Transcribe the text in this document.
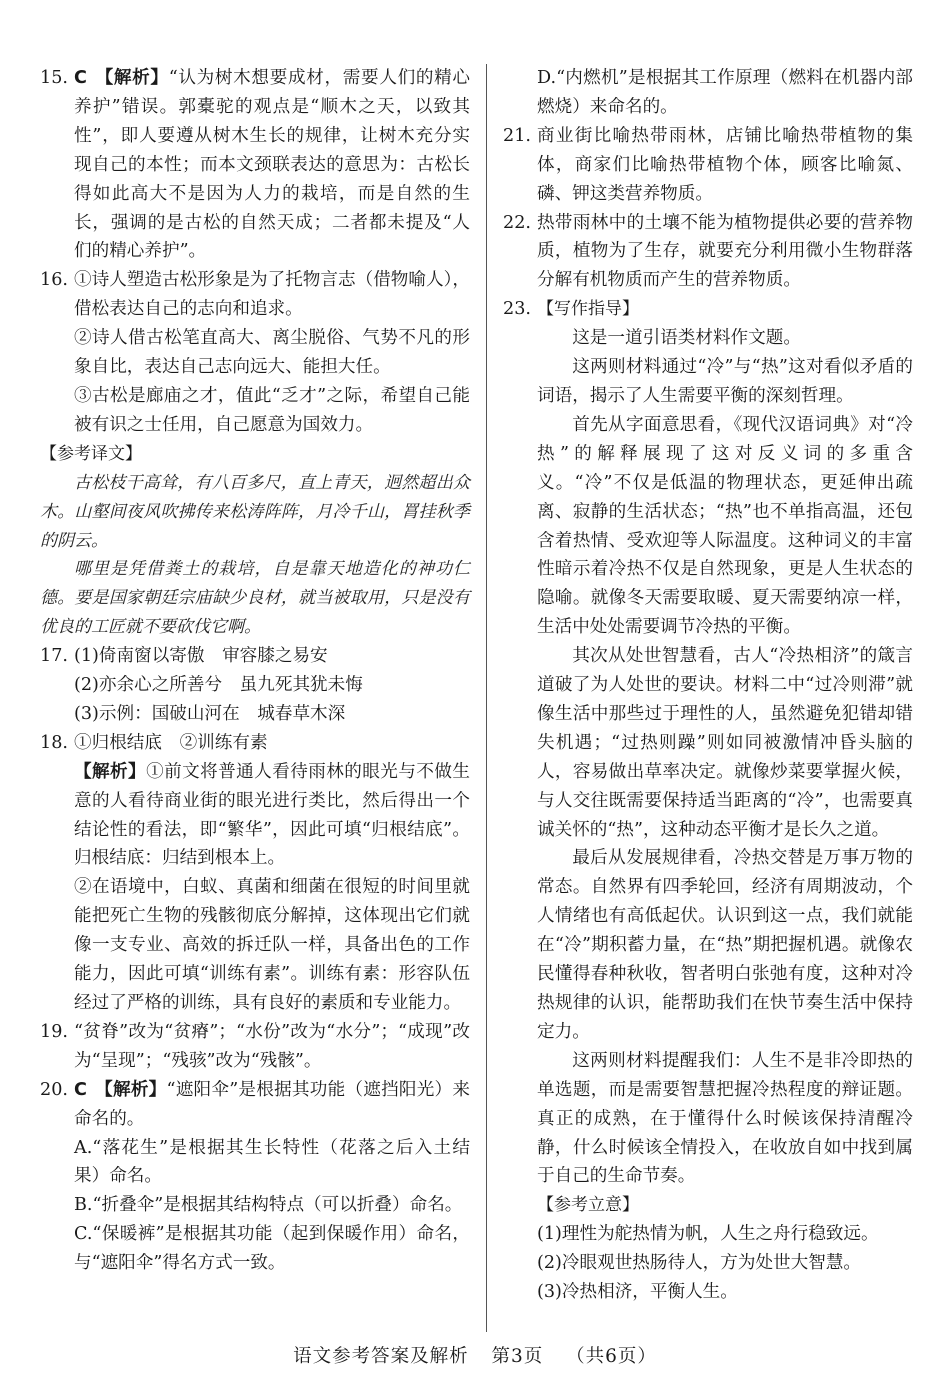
15. C 【解析】“认为树木想要成材，需要人们的精心养护”错误。郭橐驼的观点是“顺木之天，以致其性”，即人要遵从树木生长的规律，让树木充分实现自己的本性；而本文颈联表达的意思为：古松长得如此高大不是因为人力的栽培，而是自然的生长，强调的是古松的自然天成；二者都未提及“人们的精心养护”。
16. ①诗人塑造古松形象是为了托物言志（借物喻人），借松表达自己的志向和追求。
②诗人借古松笔直高大、离尘脱俗、气势不凡的形象自比，表达自己志向远大、能担大任。
③古松是廊庙之才，值此“乏才”之际，希望自己能被有识之士任用，自己愿意为国效力。
【参考译文】
古松枝干高耸，有八百多尺，直上青天，迥然超出众木。山壑间夜风吹拂传来松涛阵阵，月冷千山，罥挂秋季的阴云。
哪里是凭借粪土的栽培，自是靠天地造化的神功仁德。要是国家朝廷宗庙缺少良材，就当被取用，只是没有优良的工匠就不要砍伐它啊。
17. (1)倚南窗以寄傲　审容膝之易安
(2)亦余心之所善兮　虽九死其犹未悔
(3)示例：国破山河在　城春草木深
18. ①归根结底　②训练有素
【解析】①前文将普通人看待雨林的眼光与不做生意的人看待商业街的眼光进行类比，然后得出一个结论性的看法，即“繁华”，因此可填“归根结底”。归根结底：归结到根本上。
②在语境中，白蚁、真菌和细菌在很短的时间里就能把死亡生物的残骸彻底分解掉，这体现出它们就像一支专业、高效的拆迁队一样，具备出色的工作能力，因此可填“训练有素”。训练有素：形容队伍经过了严格的训练，具有良好的素质和专业能力。
19. “贫脊”改为“贫瘠”；“水份”改为“水分”；“成现”改为“呈现”；“残骇”改为“残骸”。
20. C 【解析】“遮阳伞”是根据其功能（遮挡阳光）来命名的。
A.“落花生”是根据其生长特性（花落之后入土结果）命名。
B.“折叠伞”是根据其结构特点（可以折叠）命名。
C.“保暖裤”是根据其功能（起到保暖作用）命名，与“遮阳伞”得名方式一致。
D.“内燃机”是根据其工作原理（燃料在机器内部燃烧）来命名的。
21. 商业街比喻热带雨林，店铺比喻热带植物的集体，商家们比喻热带植物个体，顾客比喻氮、磷、钾这类营养物质。
22. 热带雨林中的土壤不能为植物提供必要的营养物质，植物为了生存，就要充分利用微小生物群落分解有机物质而产生的营养物质。
23. 【写作指导】
这是一道引语类材料作文题。
这两则材料通过“冷”与“热”这对看似矛盾的词语，揭示了人生需要平衡的深刻哲理。
首先从字面意思看，《现代汉语词典》对“冷热”的解释展现了这对反义词的多重含义。“冷”不仅是低温的物理状态，更延伸出疏离、寂静的生活状态；“热”也不单指高温，还包含着热情、受欢迎等人际温度。这种词义的丰富性暗示着冷热不仅是自然现象，更是人生状态的隐喻。就像冬天需要取暖、夏天需要纳凉一样，生活中处处需要调节冷热的平衡。
其次从处世智慧看，古人“冷热相济”的箴言道破了为人处世的要诀。材料二中“过冷则滞”就像生活中那些过于理性的人，虽然避免犯错却错失机遇；“过热则躁”则如同被激情冲昏头脑的人，容易做出草率决定。就像炒菜要掌握火候，与人交往既需要保持适当距离的“冷”，也需要真诚关怀的“热”，这种动态平衡才是长久之道。
最后从发展规律看，冷热交替是万事万物的常态。自然界有四季轮回，经济有周期波动，个人情绪也有高低起伏。认识到这一点，我们就能在“冷”期积蓄力量，在“热”期把握机遇。就像农民懂得春种秋收，智者明白张弛有度，这种对冷热规律的认识，能帮助我们在快节奏生活中保持定力。
这两则材料提醒我们：人生不是非冷即热的单选题，而是需要智慧把握冷热程度的辩证题。真正的成熟，在于懂得什么时候该保持清醒冷静，什么时候该全情投入，在收放自如中找到属于自己的生命节奏。
【参考立意】
(1)理性为舵热情为帆，人生之舟行稳致远。
(2)冷眼观世热肠待人，方为处世大智慧。
(3)冷热相济，平衡人生。
语文参考答案及解析 第3页 （共6页）
